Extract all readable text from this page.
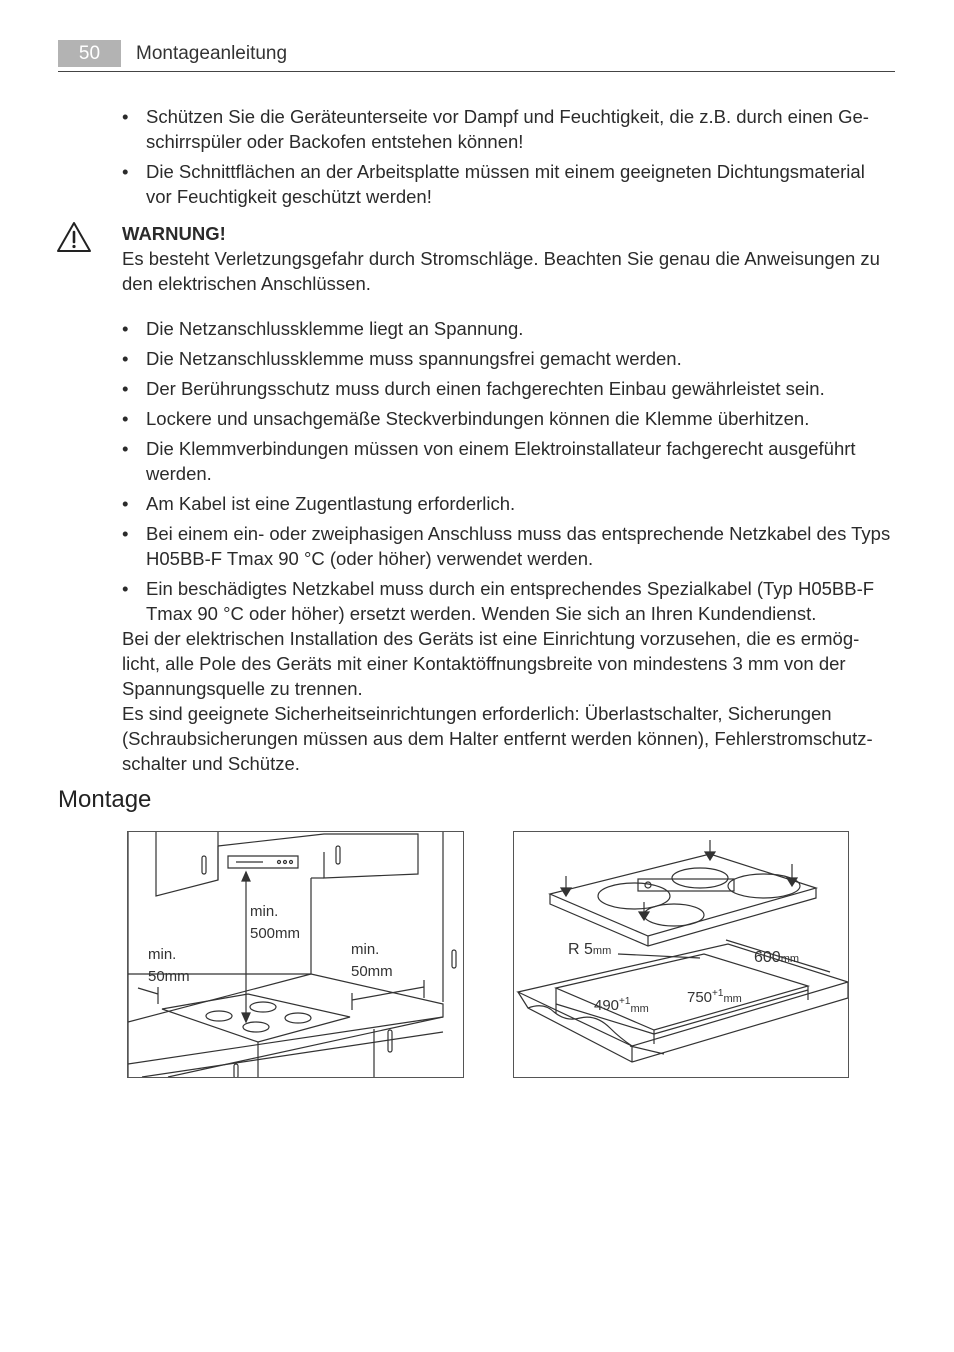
50	Montageanleitung
• Schützen Sie die Geräteunterseite vor Dampf und Feuchtigkeit, die z.B. durch einen Ge-schirrspüler oder Backofen entstehen können!
• Die Schnittflächen an der Arbeitsplatte müssen mit einem geeigneten Dichtungsmaterial vor Feuchtigkeit geschützt werden!
WARNUNG!
Es besteht Verletzungsgefahr durch Stromschläge. Beachten Sie genau die Anweisungen zu den elektrischen Anschlüssen.
• Die Netzanschlussklemme liegt an Spannung.
• Die Netzanschlussklemme muss spannungsfrei gemacht werden.
• Der Berührungsschutz muss durch einen fachgerechten Einbau gewährleistet sein.
• Lockere und unsachgemäße Steckverbindungen können die Klemme überhitzen.
• Die Klemmverbindungen müssen von einem Elektroinstallateur fachgerecht ausgeführt werden.
• Am Kabel ist eine Zugentlastung erforderlich.
• Bei einem ein- oder zweiphasigen Anschluss muss das entsprechende Netzkabel des Typs H05BB-F Tmax 90 °C (oder höher) verwendet werden.
• Ein beschädigtes Netzkabel muss durch ein entsprechendes Spezialkabel (Typ H05BB-F Tmax 90 °C oder höher) ersetzt werden. Wenden Sie sich an Ihren Kundendienst.

Bei der elektrischen Installation des Geräts ist eine Einrichtung vorzusehen, die es ermög-licht, alle Pole des Geräts mit einer Kontaktöffnungsbreite von mindestens 3 mm von der Spannungsquelle zu trennen.

Es sind geeignete Sicherheitseinrichtungen erforderlich: Überlastschalter, Sicherungen (Schraubsicherungen müssen aus dem Halter entfernt werden können), Fehlerstromschutz-schalter und Schütze.

Montage
min.
500mm
min.
50mm
min.
50mm
R 5mm	600mm
$490^{+1}_{mm}$
$750^{+1}_{mm}$
